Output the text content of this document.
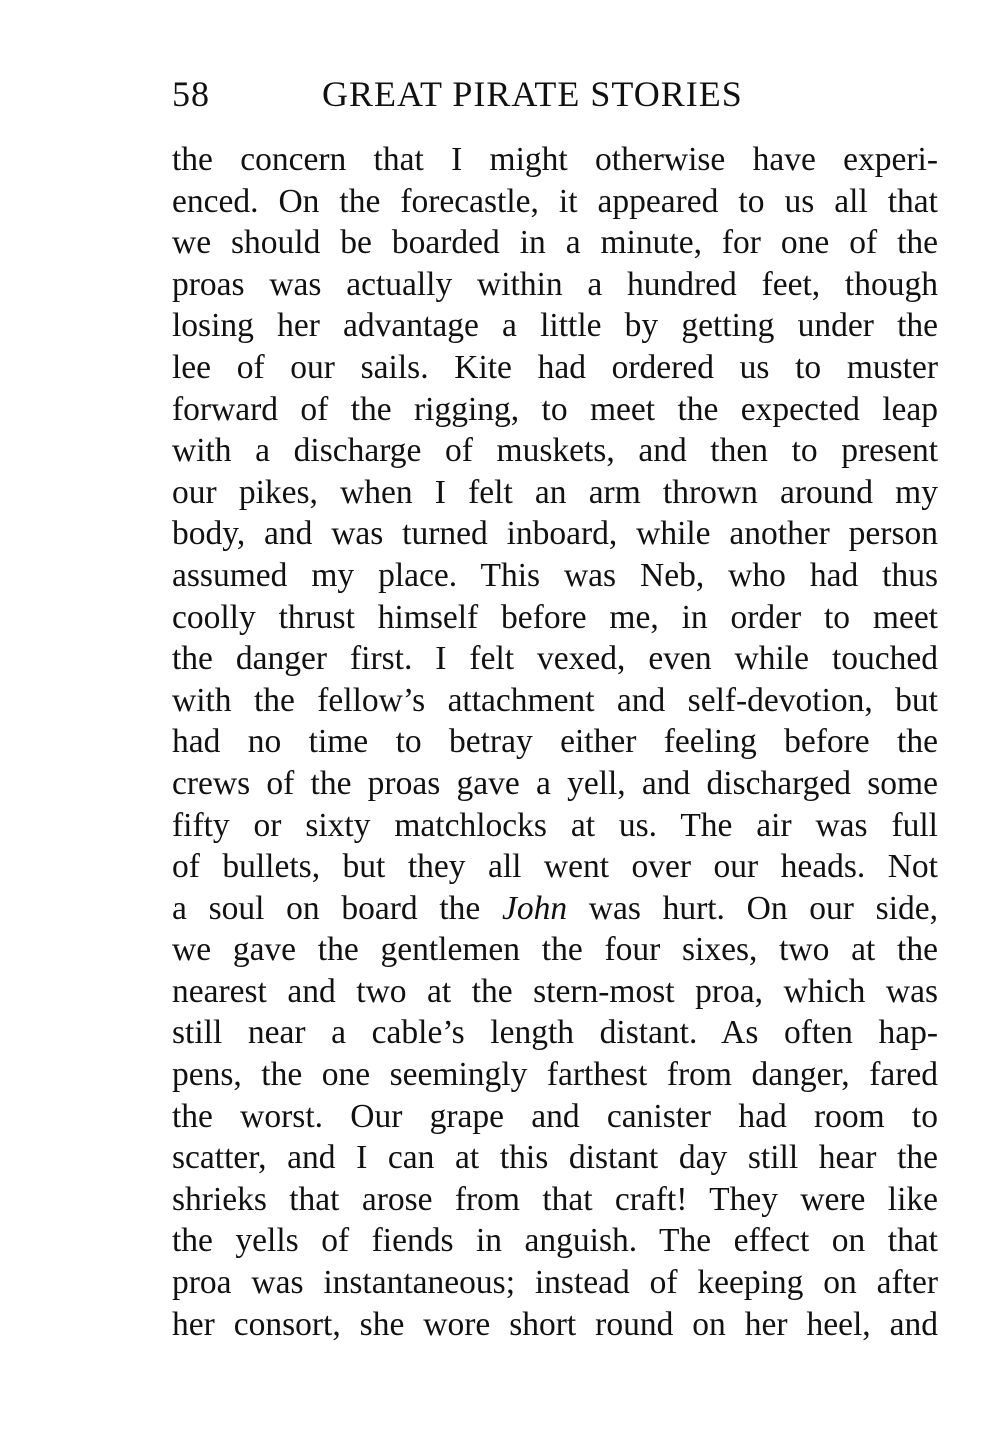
58	GREAT PIRATE STORIES
the concern that I might otherwise have experi-
enced. On the forecastle, it appeared to us all that
we should be boarded in a minute, for one of the
proas was actually within a hundred feet, though
losing her advantage a little by getting under the
lee of our sails. Kite had ordered us to muster
forward of the rigging, to meet the expected leap
with a discharge of muskets, and then to present
our pikes, when I felt an arm thrown around my
body, and was turned inboard, while another person
assumed my place. This was Neb, who had thus
coolly thrust himself before me, in order to meet
the danger first. I felt vexed, even while touched
with the fellow’s attachment and self-devotion, but
had no time to betray either feeling before the
crews of the proas gave a yell, and discharged some
fifty or sixty matchlocks at us. The air was full
of bullets, but they all went over our heads. Not
a soul on board the John was hurt. On our side,
we gave the gentlemen the four sixes, two at the
nearest and two at the stern-most proa, which was
still near a cable’s length distant. As often hap-
pens, the one seemingly farthest from danger, fared
the worst. Our grape and canister had room to
scatter, and I can at this distant day still hear the
shrieks that arose from that craft! They were like
the yells of fiends in anguish. The effect on that
proa was instantaneous; instead of keeping on after
her consort, she wore short round on her heel, and
